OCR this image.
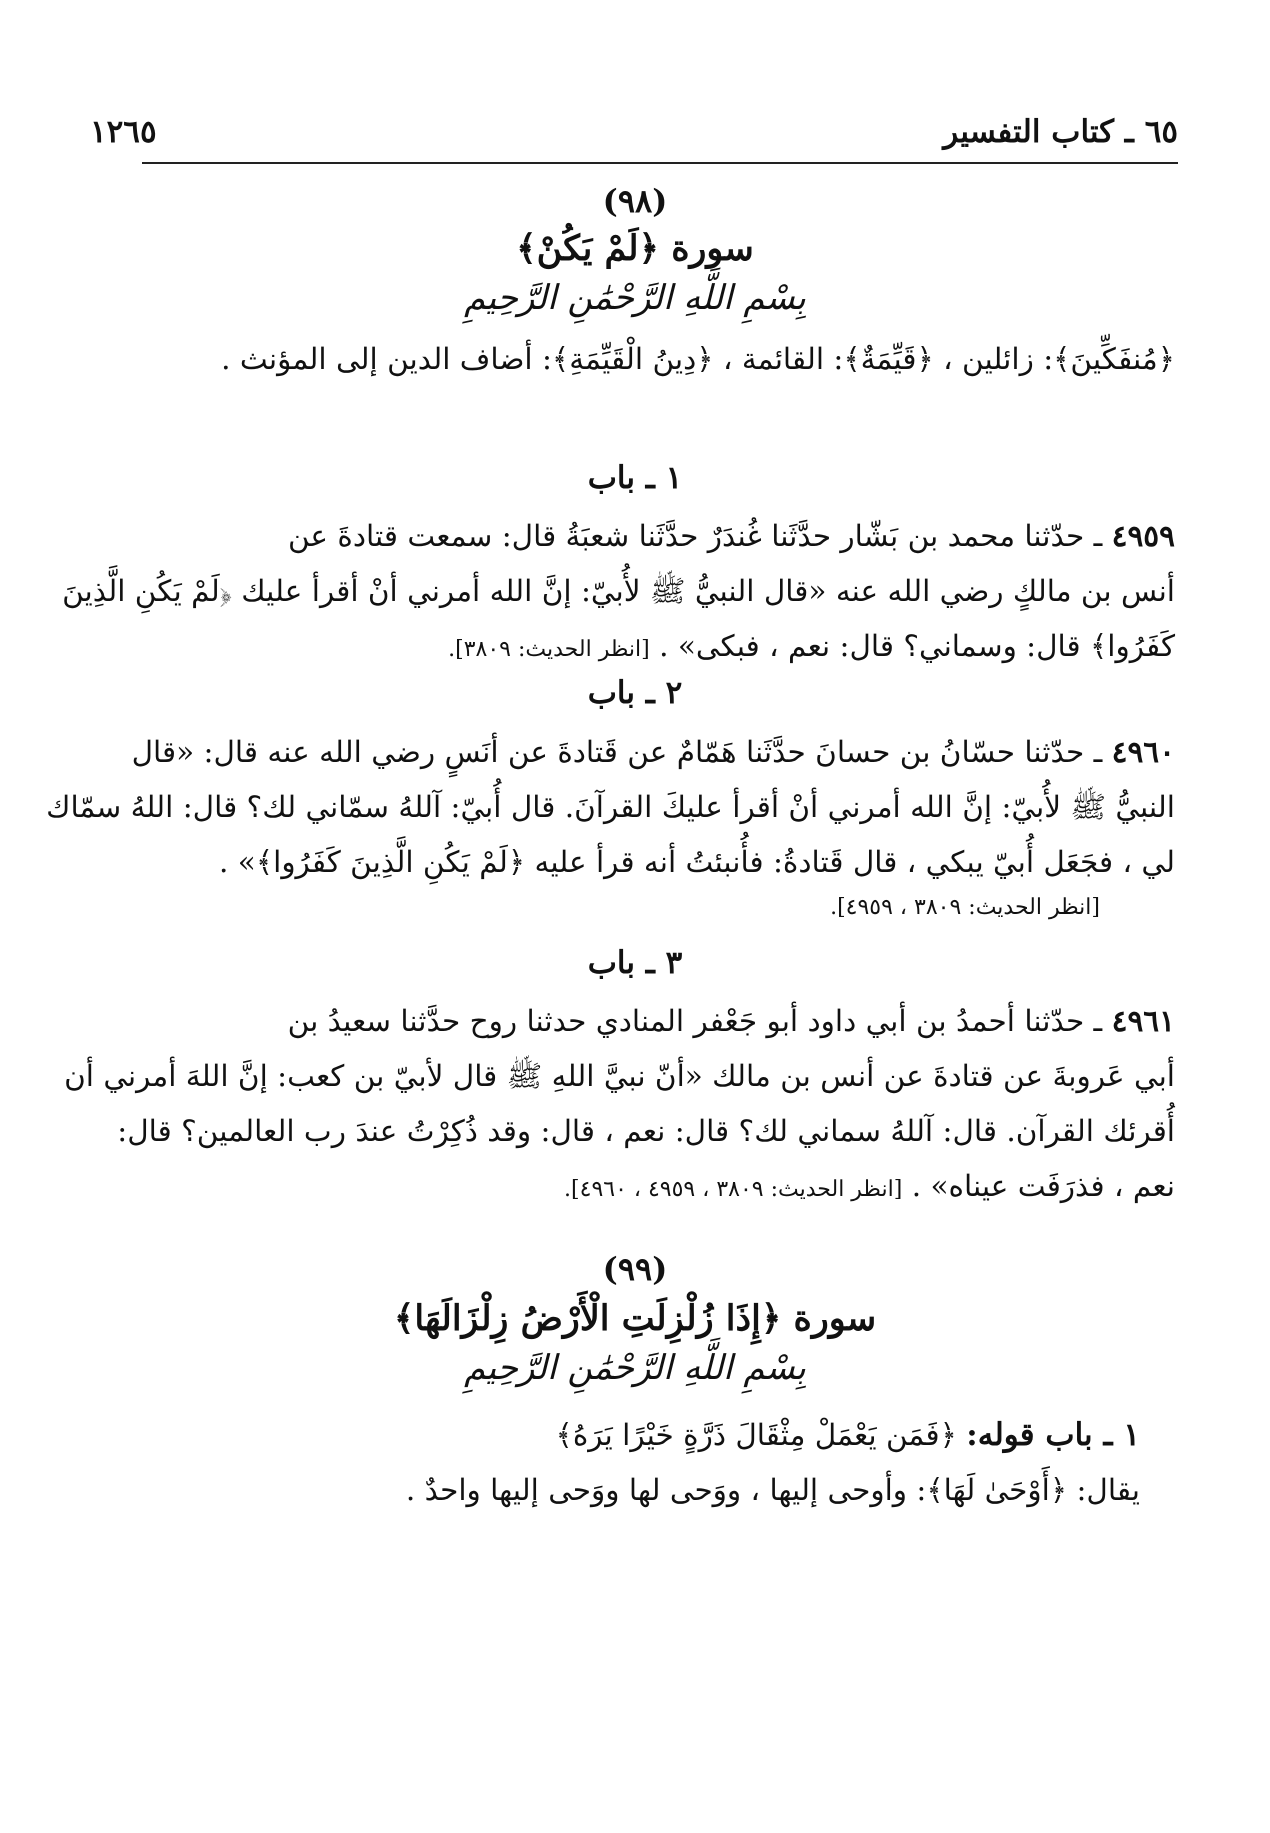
٦٥ ـ كتاب التفسير
١٢٦٥
(٩٨)
سورة ﴿لَمْ يَكُنْ﴾
بِسْمِ اللَّهِ الرَّحْمَٰنِ الرَّحِيمِ
﴿مُنفَكِّينَ﴾: زائلين ، ﴿قَيِّمَةٌ﴾: القائمة ، ﴿دِينُ الْقَيِّمَةِ﴾: أضاف الدين إلى المؤنث .
١ ـ باب
٤٩٥٩ ـ حدّثنا محمد بن بَشّار حدَّثَنا غُندَرٌ حدَّثَنا شعبَةُ قال: سمعت قتادةَ عن
أنس بن مالكٍ رضي الله عنه «قال النبيُّ ﷺ لأُبيّ: إنَّ الله أمرني أنْ أقرأ عليك ﴿لَمْ يَكُنِ الَّذِينَ
كَفَرُوا﴾ قال: وسماني؟ قال: نعم ، فبكى» . [انظر الحديث: ٣٨٠٩].
٢ ـ باب
٤٩٦٠ ـ حدّثنا حسّانُ بن حسانَ حدَّثَنا هَمّامٌ عن قَتادةَ عن أنَسٍ رضي الله عنه قال: «قال
النبيُّ ﷺ لأُبيّ: إنَّ الله أمرني أنْ أقرأ عليكَ القرآنَ. قال أُبيّ: آللهُ سمّاني لك؟ قال: اللهُ سمّاك
لي ، فجَعَل أُبيّ يبكي ، قال قَتادةُ: فأُنبئتُ أنه قرأ عليه ﴿لَمْ يَكُنِ الَّذِينَ كَفَرُوا﴾» .
[انظر الحديث: ٣٨٠٩ ، ٤٩٥٩].
٣ ـ باب
٤٩٦١ ـ حدّثنا أحمدُ بن أبي داود أبو جَعْفر المنادي حدثنا روح حدَّثنا سعيدُ بن
أبي عَروبةَ عن قتادةَ عن أنس بن مالك «أنّ نبيَّ اللهِ ﷺ قال لأبيّ بن كعب: إنَّ اللهَ أمرني أن
أُقرئك القرآن. قال: آللهُ سماني لك؟ قال: نعم ، قال: وقد ذُكِرْتُ عندَ رب العالمين؟ قال:
نعم ، فذرَفَت عيناه» . [انظر الحديث: ٣٨٠٩ ، ٤٩٥٩ ، ٤٩٦٠].
(٩٩)
سورة ﴿إِذَا زُلْزِلَتِ الْأَرْضُ زِلْزَالَهَا﴾
بِسْمِ اللَّهِ الرَّحْمَٰنِ الرَّحِيمِ
١ ـ باب قوله: ﴿فَمَن يَعْمَلْ مِثْقَالَ ذَرَّةٍ خَيْرًا يَرَهُ﴾
يقال: ﴿أَوْحَىٰ لَهَا﴾: وأوحى إليها ، ووَحى لها ووَحى إليها واحدٌ .
